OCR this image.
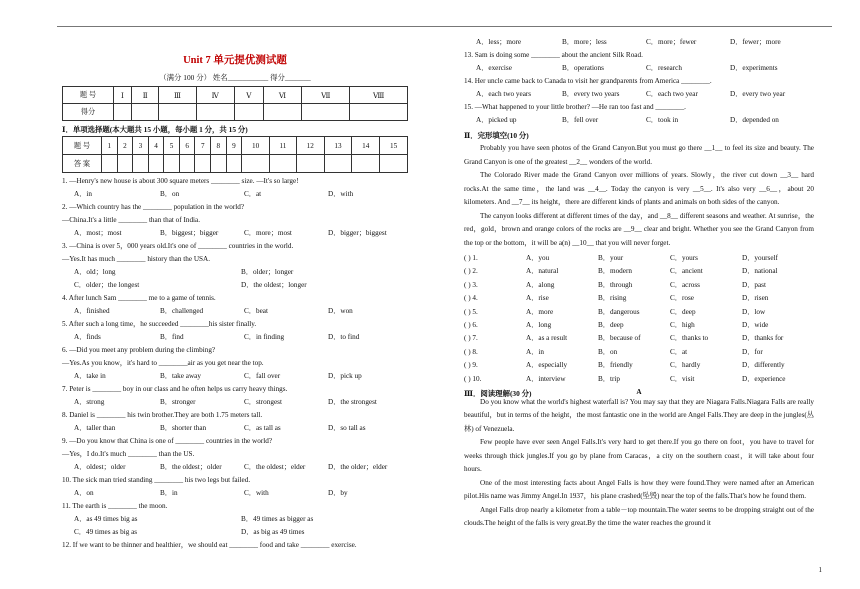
Unit 7 单元提优测试题
（满分 100 分） 姓名___________ 得分_______
题 号	Ⅰ	Ⅱ	Ⅲ	Ⅳ	Ⅴ	Ⅵ	Ⅶ	Ⅷ
得分								
Ⅰ．单项选择题(本大题共 15 小题，每小题 1 分，共 15 分)
题 号	1	2	3	4	5	6	7	8	9	10	11	12	13	14	15
答 案															
1. —Henry's new house is about 300 square meters ________ size. —It's so large!
A．in	B．on	C．at	D．with
2. —Which country has the ________ population in the world?
—China.It's a little ________ than that of India.
A．most；most	B．biggest；bigger	C．more；most	D．bigger；biggest
3. —China is over 5，000 years old.It's one of ________ countries in the world.
—Yes.It has much ________ history than the USA.
A．old；long	B．older；longer
C．older；the longest	D．the oldest；longer
4. After lunch Sam ________ me to a game of tennis.
A．finished	B．challenged	C．beat	D．won
5. After such a long time，he succeeded ________his sister finally.
A．finds	B．find	C．in finding	D．to find
6. —Did you meet any problem during the climbing?
—Yes.As you know，it's hard to ________air as you get near the top.
A．take in	B．take away	C．fall over	D．pick up
7. Peter is ________ boy in our class and he often helps us carry heavy things.
A．strong	B．stronger	C．strongest	D．the strongest
8. Daniel is ________ his twin brother.They are both 1.75 meters tall.
A．taller than	B．shorter than	C．as tall as	D．so tall as
9. —Do you know that China is one of ________ countries in the world?
—Yes，I do.It's much ________ than the US.
A．oldest；older	B．the oldest；older	C．the oldest；elder	D．the older；elder
10. The sick man tried standing ________ his two legs but failed.
A．on	B．in	C．with	D．by
11. The earth is ________ the moon.
A．as 49 times big as	B．49 times as bigger as
C．49 times as big as	D．as big as 49 times
12. If we want to be thinner and healthier，we should eat ________ food and take ________ exercise.
A．less；more	B．more；less	C．more；fewer	D．fewer；more
13. Sam is doing some ________ about the ancient Silk Road.
A．exercise	B．operations	C．research	D．experiments
14. Her uncle came back to Canada to visit her grandparents from America ________.
A．each two years	B．every two years	C．each two year	D．every two year
15. —What happened to your little brother? —He ran too fast and ________.
A．picked up	B．fell over	C．took in	D．depended on
Ⅱ．完形填空(10 分)

Probably you have seen photos of the Grand Canyon.But you must go there __1__ to feel its size and beauty. The Grand Canyon is one of the greatest __2__ wonders of the world.

The Colorado River made the Grand Canyon over millions of years. Slowly，the river cut down __3__ hard rocks.At the same time，the land was __4__. Today the canyon is very __5__. It's also very __6__，about 20 kilometers. And __7__ its height，there are different kinds of plants and animals on both sides of the canyon.

The canyon looks different at different times of the day，and __8__ different seasons and weather. At sunrise，the red，gold，brown and orange colors of the rocks are __9__ clear and bright. Whether you see the Grand Canyon from the top or the bottom，it will be a(n) __10__ that you will never forget.

( ) 1.	A．you	B．your	C．yours	D．yourself
( ) 2.	A．natural	B．modern	C．ancient	D．national
( ) 3.	A．along	B．through	C．across	D．past
( ) 4.	A．rise	B．rising	C．rose	D．risen
( ) 5.	A．more	B．dangerous	C．deep	D．low
( ) 6.	A．long	B．deep	C．high	D．wide
( ) 7.	A．as a result	B．because of	C．thanks to	D．thanks for
( ) 8.	A．in	B．on	C．at	D．for
( ) 9.	A．especially	B．friendly	C．hardly	D．differently
( ) 10.	A．interview	B．trip	C．visit	D．experience
Ⅲ．阅读理解(30 分)	A

Do you know what the world's highest waterfall is? You may say that they are Niagara Falls.Niagara Falls are really beautiful，but in terms of the height，the most fantastic one in the world are Angel Falls.They are deep in the jungles(丛林) of Venezuela.

Few people have ever seen Angel Falls.It's very hard to get there.If you go there on foot，you have to travel for weeks through thick jungles.If you go by plane from Caracas，a city on the southern coast，it will take about four hours.

One of the most interesting facts about Angel Falls is how they were found.They were named after an American pilot.His name was Jimmy Angel.In 1937，his plane crashed(坠毁) near the top of the falls.That's how he found them.

Angel Falls drop nearly a kilometer from a table－top mountain.The water seems to be dropping straight out of the clouds.The height of the falls is very great.By the time the water reaches the ground it

1
